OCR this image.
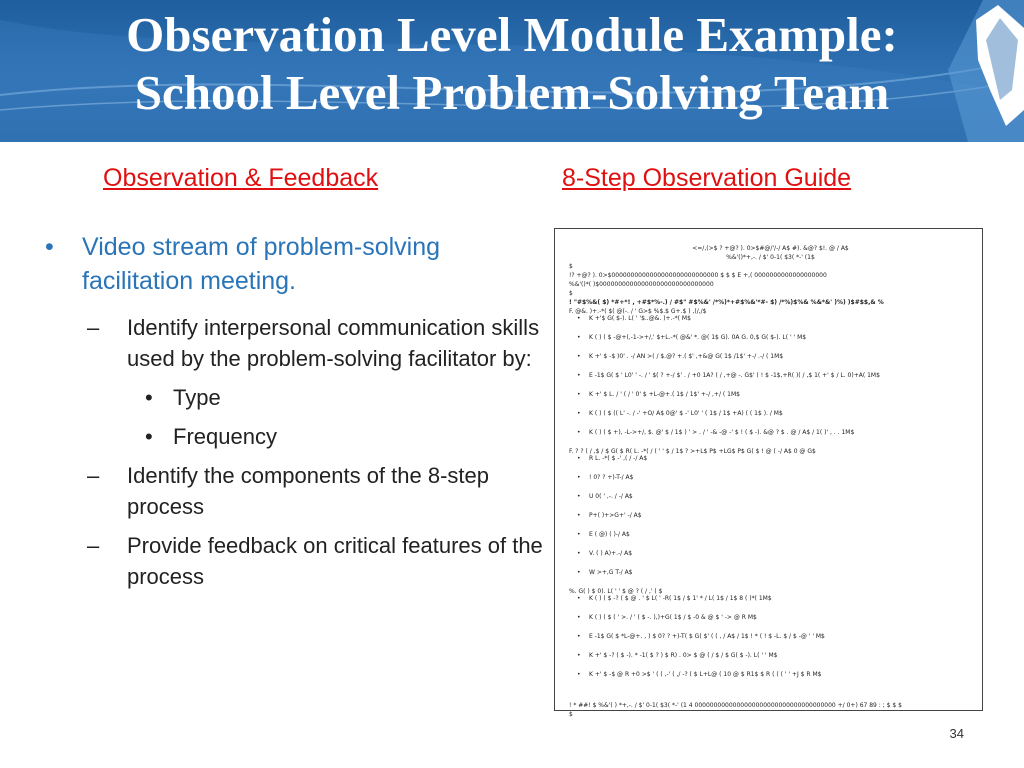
Observation Level Module Example:
School Level Problem-Solving Team
Observation & Feedback	8-Step Observation Guide
•	Video stream of problem-solving facilitation meeting.
–	Identify interpersonal communication skills used by the problem-solving facilitator by:
• Type
• Frequency
–	Identify the components of the 8-step process
–	Provide feedback on critical features of the process
<=/,(>$ ? +@? ). 0>$#@/'/-/ A$ #). &@? $!. @ / A$
%&'()*+,-. / $' 0-1( $3( *-' (1$
$
!? +@? ). 0>$0000000000000000000000000000 $ $ $ E +,( 0000000000000000000
%&'()*( )$000000000000000000000000000000
$
! "#$%&( $) *#+*! , +#$*%-.) / #$" #$%&' /*%)*+#$%&'*#- $) /*%)$%& %&*&' )%) )$#$$,& %
F. @&. )+.-*( $( @(-. / ' G>$ %$.$ G+.$ ) ,(/,/$
•	K +'$ G( $-). L( ' '$..@&. )+.-*( M$
•	K ( ) ( $ -@+(,-1->+/,' $+L.-*( @&' *. @( 1$ G). 0A G. 0,$ G( $-). L( ' ' M$
•	K +' $ -$ )0' . -/ AN >( / $.@? +.( $' ,+&@ G( 1$ /1$' +-/ .-/ ( 1M$
•	E -1$ G( $ ' L0' ' -. / ' $( ? +-/ $' . / +0 1A? ( / ,+@ -. G$' ( ! $ -1$,+R( )( / ,$ 1( +' $ / L. 0)+A( 1M$
•	K +' $ L. / ' ( / ' 0' $ +L-@+.( 1$ / 1$' +-/ ,+/ ( 1M$
•	K ( ) ( $ (( L' -. / -' +O/ A$ 0@' $ -' L0' ' ( 1$ / 1$ +A) ( ( 1$ ). / M$
•	K ( ) ( $ +), -L->+/, $. @' $ / 1$ ) ' > . / ' -& -@ -' $ ! ( $ -). &@ ? $ . @ / A$ / 1( )' , . . 1M$
F. ? ? ( / ,$ / $ G( $ R( L. -*( / ( ' ' $ / 1$ ? >+L$ P$ +LG$ P$ G( $ ! @ ( -/ A$ 0 @ G$
•	R L. -*( $ -' ,( / -/ A$
•	! 0? ? +)-T-/ A$
•	U 0( ' ,-. / -/ A$
•	P+( )+>G+' -/ A$
•	E ( @) ( )-/ A$
•	V. ( ) A)+.-/ A$
•	W >+,G T-/ A$
%. G( ) $ 0). L( ' ' $ @ ? ( / ,' ( $
•	K ( ) ( $ -? ( $ @ . ' $ L( ' -R( 1$ / $ 1' * / L( 1$ / 1$ 8 ( )*( 1M$
•	K ( ) ( $ ( ' >. / ' ( $ -. ),)+G( 1$ / $ -0 & @ $ ' -> @ R M$
•	E -1$ G( $ *L-@+. , ) $ 0? ? +)-T( $ G( $' ( ( , / A$ / 1$ ! * ( ! $ -L. $ / $ -@ ' ' M$
•	K +' $ -? ( $ -). * -1( $ ? ) $ R) . 0> $ @ ( / $ / $ G( $ -). L( ' ' M$
•	K +' $ -$ @ R +0 >$ ' ( ( ,-' ( ,/ -? ( $ L+L@ ( 10 @ $ R1$ $ R ( ( ( ' ' +J $ R M$
! * ##! $ %&'( ) *+,-. / $' 0-1( $3( *-' (1 4 0000000000000000000000000000000000000 +/ 0+) 67 89 : ; $ $ $
$
34
